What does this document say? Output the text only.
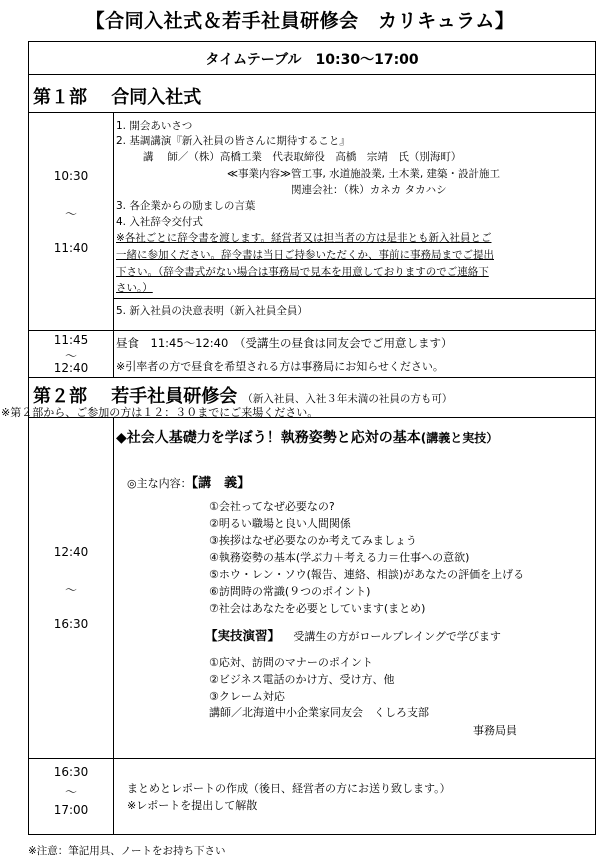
【合同入社式＆若手社員研修会　カリキュラム】
タイムテーブル　10:30～17:00
第１部　 合同入社式
10:30
～
11:40
1. 開会あいさつ
2. 基調講演『新入社員の皆さんに期待すること』
講　 師／（株）高橋工業　代表取締役　高橋　宗靖　氏（別海町）
≪事業内容≫管工事, 水道施設業, 土木業, 建築・設計施工
関連会社：（株）カネカ タカハシ
3. 各企業からの励ましの言葉
4. 入社辞令交付式
※各社ごとに辞令書を渡します。経営者又は担当者の方は是非とも新入社員とご
一緒に参加ください。辞令書は当日ご持参いただくか、事前に事務局までご提出
下さい。（辞令書式がない場合は事務局で見本を用意しておりますのでご連絡下
さい。）
5. 新入社員の決意表明（新入社員全員）
11:45
～
12:40
昼食　11:45～12:40　（受講生の昼食は同友会でご用意します）
※引率者の方で昼食を希望される方は事務局にお知らせください。
第２部　 若手社員研修会 （新入社員、入社３年未満の社員の方も可）
※第２部から、ご参加の方は１２：３０までにご来場ください。
12:40
～
16:30
◆社会人基礎力を学ぼう！執務姿勢と応対の基本(講義と実技）
◎主な内容：【講　義】
①会社ってなぜ必要なの?
②明るい職場と良い人間関係
③挨拶はなぜ必要なのか考えてみましょう
④執務姿勢の基本(学ぶ力＋考える力＝仕事への意欲)
⑤ホウ・レン・ソウ(報告、連絡、相談)があなたの評価を上げる
⑥訪問時の常識(９つのポイント)
⑦社会はあなたを必要としています(まとめ)
【実技演習】 受講生の方がロールプレイングで学びます
①応対、訪問のマナーのポイント
②ビジネス電話のかけ方、受け方、他
③クレーム対応
講師／北海道中小企業家同友会　くしろ支部
事務局員
16:30
～
17:00
まとめとレポートの作成（後日、経営者の方にお送り致します。）
※レポートを提出して解散
※注意：筆記用具、ノートをお持ち下さい
